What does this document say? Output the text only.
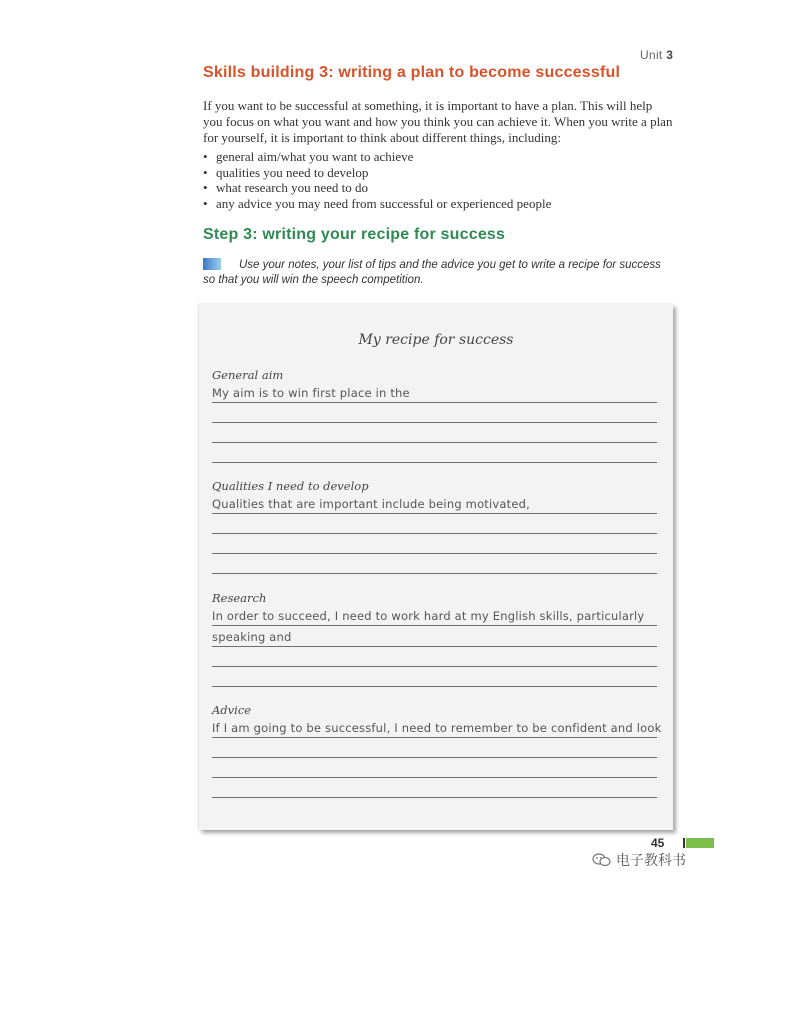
Unit 3
Skills building 3: writing a plan to become successful
If you want to be successful at something, it is important to have a plan. This will help you focus on what you want and how you think you can achieve it. When you write a plan for yourself, it is important to think about different things, including:
• general aim/what you want to achieve
• qualities you need to develop
• what research you need to do
• any advice you may need from successful or experienced people
Step 3: writing your recipe for success
Use your notes, your list of tips and the advice you get to write a recipe for success so that you will win the speech competition.
My recipe for success
General aim
My aim is to win first place in the
Qualities I need to develop
Qualities that are important include being motivated,
Research
In order to succeed, I need to work hard at my English skills, particularly
speaking and
Advice
If I am going to be successful, I need to remember to be confident and look
45
电子教科书
